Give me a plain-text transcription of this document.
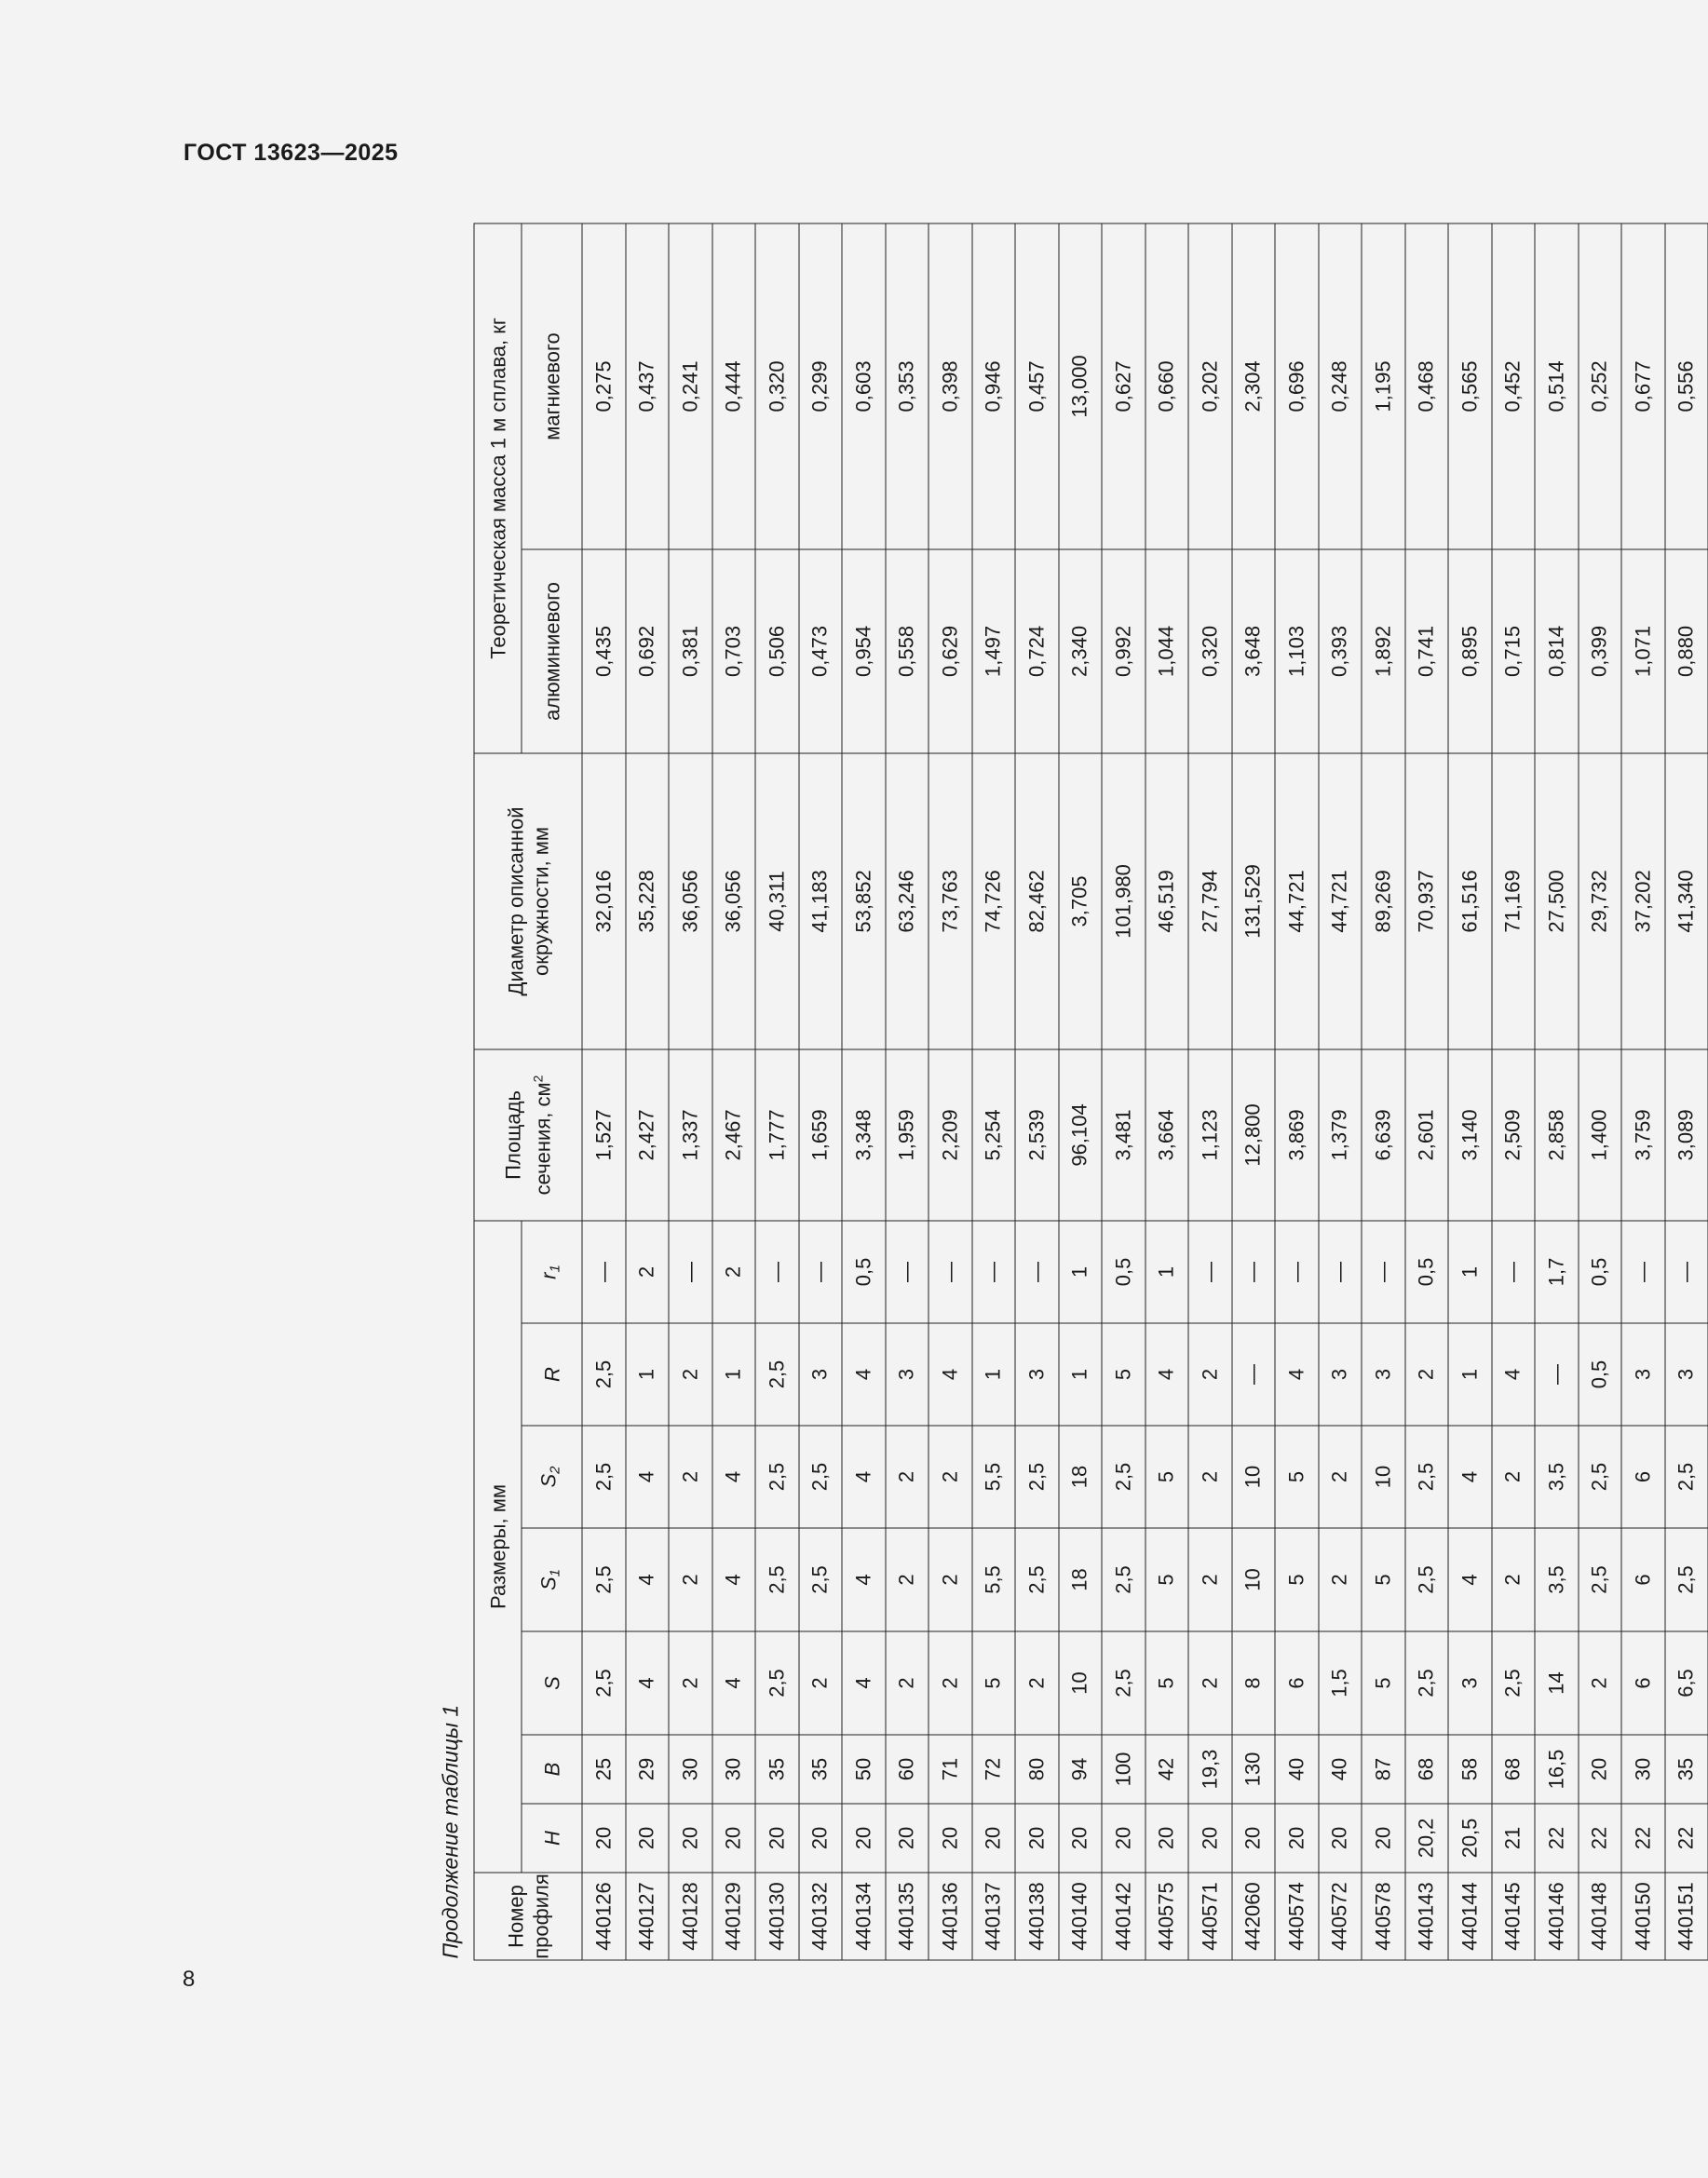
ГОСТ 13623—2025
Продолжение таблицы 1	Номер профиля	Размеры, мм							Площадь сечения, $см^2$	Диаметр описанной окружности, мм	Теоретическая масса 1 м сплава, кг	
	H	B	S	$S_1$	$S_2$	R	$r_1$			алюминиевого	магниевого
440126	20	25	2,5	2,5	2,5	2,5	—	1,527	32,016	0,435	0,275
440127	20	29	4	4	4	1	2	2,427	35,228	0,692	0,437
440128	20	30	2	2	2	2	—	1,337	36,056	0,381	0,241
440129	20	30	4	4	4	1	2	2,467	36,056	0,703	0,444
440130	20	35	2,5	2,5	2,5	2,5	—	1,777	40,311	0,506	0,320
440132	20	35	2	2,5	2,5	3	—	1,659	41,183	0,473	0,299
440134	20	50	4	4	4	4	0,5	3,348	53,852	0,954	0,603
440135	20	60	2	2	2	3	—	1,959	63,246	0,558	0,353
440136	20	71	2	2	2	4	—	2,209	73,763	0,629	0,398
440137	20	72	5	5,5	5,5	1	—	5,254	74,726	1,497	0,946
440138	20	80	2	2,5	2,5	3	—	2,539	82,462	0,724	0,457
440140	20	94	10	18	18	1	1	96,104	3,705	2,340	13,000
440142	20	100	2,5	2,5	2,5	5	0,5	3,481	101,980	0,992	0,627
440575	20	42	5	5	5	4	1	3,664	46,519	1,044	0,660
440571	20	19,3	2	2	2	2	—	1,123	27,794	0,320	0,202
442060	20	130	8	10	10	—	—	12,800	131,529	3,648	2,304
440574	20	40	6	5	5	4	—	3,869	44,721	1,103	0,696
440572	20	40	1,5	2	2	3	—	1,379	44,721	0,393	0,248
440578	20	87	5	5	10	3	—	6,639	89,269	1,892	1,195
440143	20,2	68	2,5	2,5	2,5	2	0,5	2,601	70,937	0,741	0,468
440144	20,5	58	3	4	4	1	1	3,140	61,516	0,895	0,565
440145	21	68	2,5	2	2	4	—	2,509	71,169	0,715	0,452
440146	22	16,5	14	3,5	3,5	—	1,7	2,858	27,500	0,814	0,514
440148	22	20	2	2,5	2,5	0,5	0,5	1,400	29,732	0,399	0,252
440150	22	30	6	6	6	3	—	3,759	37,202	1,071	0,677
440151	22	35	6,5	2,5	2,5	3	—	3,089	41,340	0,880	0,556
8
